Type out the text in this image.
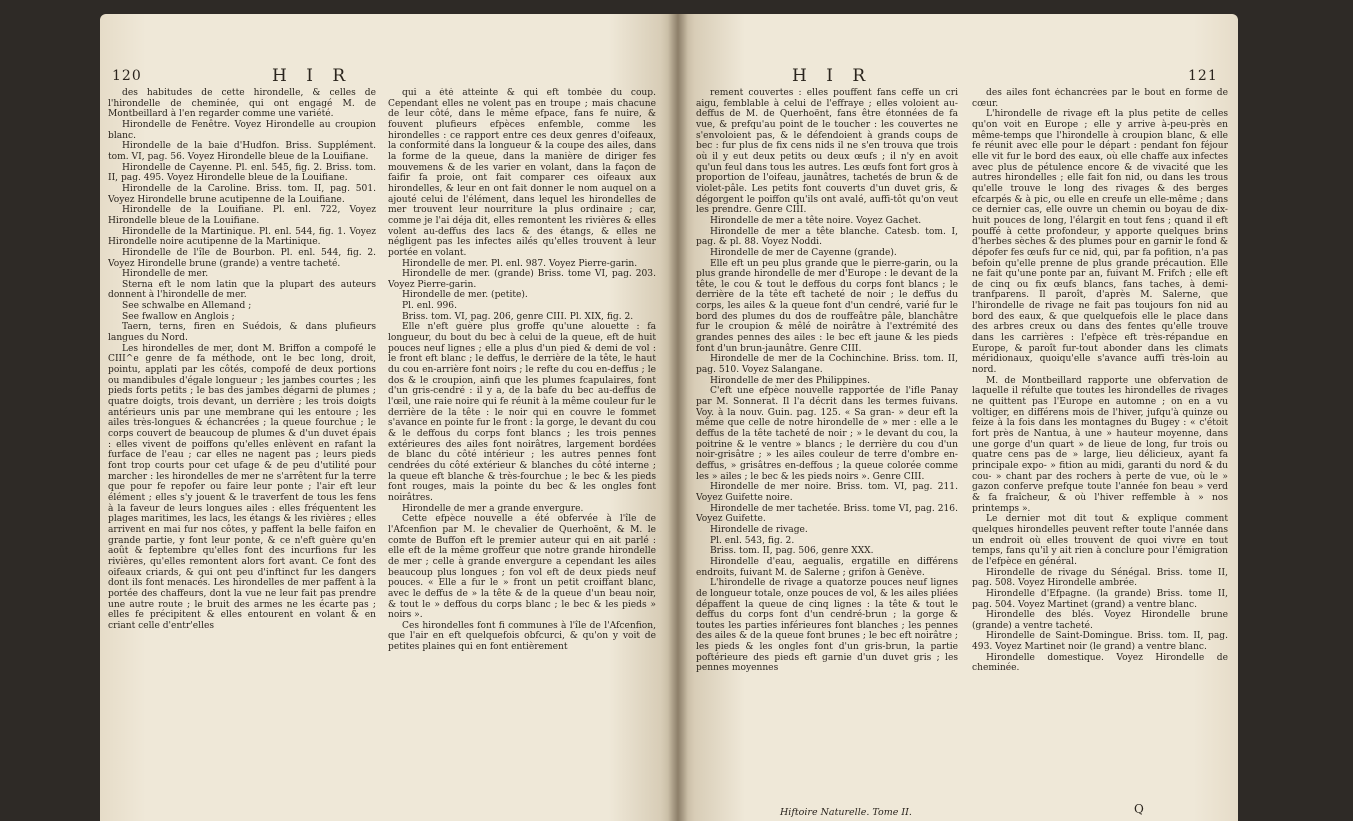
120	H I R

des habitudes de cette hirondelle, & celles de l'hirondelle de cheminée, qui ont engagé M. de Montbeillard à l'en regarder comme une variété.

Hirondelle de Fenêtre. Voyez Hirondelle au croupion blanc.

Hirondelle de la baie d'Hudfon. Briss. Supplément. tom. VI, pag. 56. Voyez Hirondelle bleue de la Louifiane.

Hirondelle de Cayenne. Pl. enl. 545, fig. 2. Briss. tom. II, pag. 495. Voyez Hirondelle bleue de la Louifiane.

Hirondelle de la Caroline. Briss. tom. II, pag. 501. Voyez Hirondelle brune acutipenne de la Louifiane.

Hirondelle de la Louifiane. Pl. enl. 722, Voyez Hirondelle bleue de la Louifiane.

Hirondelle de la Martinique. Pl. enl. 544, fig. 1. Voyez Hirondelle noire acutipenne de la Martinique.

Hirondelle de l'île de Bourbon. Pl. enl. 544, fig. 2. Voyez Hirondelle brune (grande) a ventre tacheté.

Hirondelle de mer.

Sterna eft le nom latin que la plupart des auteurs donnent à l'hirondelle de mer.

See schwalbe en Allemand ;

See fwallow en Anglois ;

Taern, terns, firen en Suédois, & dans plufieurs langues du Nord.

Les hirondelles de mer, dont M. Briffon a compofé le CIII^e genre de fa méthode, ont le bec long, droit, pointu, applati par les côtés, compofé de deux portions ou mandibules d'égale longueur ; les jambes courtes ; les pieds forts petits ; le bas des jambes dégarni de plumes ; quatre doigts, trois devant, un derrière ; les trois doigts antérieurs unis par une membrane qui les entoure ; les ailes très-longues & échancrées ; la queue fourchue ; le corps couvert de beaucoup de plumes & d'un duvet épais : elles vivent de poiffons qu'elles enlèvent en rafant la furface de l'eau ; car elles ne nagent pas ; leurs pieds font trop courts pour cet ufage & de peu d'utilité pour marcher : les hirondelles de mer ne s'arrêtent fur la terre que pour fe repofer ou faire leur ponte ; l'air eft leur élément ; elles s'y jouent & le traverfent de tous les fens à la faveur de leurs longues ailes : elles fréquentent les plages maritimes, les lacs, les étangs & les rivières ; elles arrivent en mai fur nos côtes, y paffent la belle faifon en grande partie, y font leur ponte, & ce n'eft guère qu'en août & feptembre qu'elles font des incurfions fur les rivières, qu'elles remontent alors fort avant. Ce font des oifeaux criards, & qui ont peu d'inftinct fur les dangers dont ils font menacés. Les hirondelles de mer paffent à la portée des chaffeurs, dont la vue ne leur fait pas prendre une autre route ; le bruit des armes ne les écarte pas ; elles fe précipitent & elles entourent en volant & en criant celle d'entr'elles

qui a été atteinte & qui eft tombée du coup. Cependant elles ne volent pas en troupe ; mais chacune de leur côté, dans le même efpace, fans fe nuire, & fouvent plufieurs efpèces enfemble, comme les hirondelles : ce rapport entre ces deux genres d'oifeaux, la conformité dans la longueur & la coupe des ailes, dans la forme de la queue, dans la manière de diriger fes mouvemens & de les varier en volant, dans la façon de faifir fa proie, ont fait comparer ces oifeaux aux hirondelles, & leur en ont fait donner le nom auquel on a ajouté celui de l'élément, dans lequel les hirondelles de mer trouvent leur nourriture la plus ordinaire ; car, comme je l'ai déja dit, elles remontent les rivières & elles volent au-deffus des lacs & des étangs, & elles ne négligent pas les infectes ailés qu'elles trouvent à leur portée en volant.

Hirondelle de mer. Pl. enl. 987. Voyez Pierre-garin.

Hirondelle de mer. (grande) Briss. tome VI, pag. 203. Voyez Pierre-garin.

Hirondelle de mer. (petite).

Pl. enl. 996.

Briss. tom. VI, pag. 206, genre CIII. Pl. XIX, fig. 2.

Elle n'eft guère plus groffe qu'une alouette : fa longueur, du bout du bec à celui de la queue, eft de huit pouces neuf lignes ; elle a plus d'un pied & demi de vol : le front eft blanc ; le deffus, le derrière de la tête, le haut du cou en-arrière font noirs ; le refte du cou en-deffus ; le dos & le croupion, ainfi que les plumes fcapulaires, font d'un gris-cendré : il y a, de la bafe du bec au-deffus de l'œil, une raie noire qui fe réunit à la même couleur fur le derrière de la tête : le noir qui en couvre le fommet s'avance en pointe fur le front : la gorge, le devant du cou & le deffous du corps font blancs ; les trois pennes extérieures des ailes font noirâtres, largement bordées de blanc du côté intérieur ; les autres pennes font cendrées du côté extérieur & blanches du côté interne ; la queue eft blanche & très-fourchue ; le bec & les pieds font rouges, mais la pointe du bec & les ongles font noirâtres.

Hirondelle de mer a grande envergure.

Cette efpèce nouvelle a été obfervée à l'île de l'Afcenfion par M. le chevalier de Querhoënt, & M. le comte de Buffon eft le premier auteur qui en ait parlé : elle eft de la même groffeur que notre grande hirondelle de mer ; celle à grande envergure a cependant les ailes beaucoup plus longues ; fon vol eft de deux pieds neuf pouces. « Elle a fur le » front un petit croiffant blanc, avec le deffus de » la tête & de la queue d'un beau noir, & tout le » deffous du corps blanc ; le bec & les pieds » noirs ».

Ces hirondelles font fi communes à l'île de l'Afcenfion, que l'air en eft quelquefois obfcurci, & qu'on y voit de petites plaines qui en font entièrement

H I R	121

rement couvertes : elles pouffent fans ceffe un cri aigu, femblable à celui de l'effraye ; elles voloient au-deffus de M. de Querhoënt, fans être étonnées de fa vue, & prefqu'au point de le toucher : les couvertes ne s'envoloient pas, & le défendoient à grands coups de bec : fur plus de fix cens nids il ne s'en trouva que trois où il y eut deux petits ou deux œufs ; il n'y en avoit qu'un feul dans tous les autres. Les œufs font fort gros à proportion de l'oifeau, jaunâtres, tachetés de brun & de violet-pâle. Les petits font couverts d'un duvet gris, & dégorgent le poiffon qu'ils ont avalé, auffi-tôt qu'on veut les prendre. Genre CIII.

Hirondelle de mer a tête noire. Voyez Gachet.

Hirondelle de mer a tête blanche. Catesb. tom. I, pag. & pl. 88. Voyez Noddi.

Hirondelle de mer de Cayenne (grande).

Elle eft un peu plus grande que le pierre-garin, ou la plus grande hirondelle de mer d'Europe : le devant de la tête, le cou & tout le deffous du corps font blancs ; le derrière de la tête eft tacheté de noir ; le deffus du corps, les ailes & la queue font d'un cendré, varié fur le bord des plumes du dos de rouffeâtre pâle, blanchâtre fur le croupion & mêlé de noirâtre à l'extrémité des grandes pennes des ailes : le bec eft jaune & les pieds font d'un brun-jaunâtre. Genre CIII.

Hirondelle de mer de la Cochinchine. Briss. tom. II, pag. 510. Voyez Salangane.

Hirondelle de mer des Philippines.

C'eft une efpèce nouvelle rapportée de l'ifle Panay par M. Sonnerat. Il l'a décrit dans les termes fuivans. Voy. à la nouv. Guin. pag. 125. « Sa gran- » deur eft la même que celle de notre hirondelle de » mer : elle a le deffus de la tête tacheté de noir ; » le devant du cou, la poitrine & le ventre » blancs ; le derrière du cou d'un noir-grisâtre ; » les ailes couleur de terre d'ombre en-deffus, » grisâtres en-deffous ; la queue colorée comme les » ailes ; le bec & les pieds noirs ». Genre CIII.

Hirondelle de mer noire. Briss. tom. VI, pag. 211. Voyez Guifette noire.

Hirondelle de mer tachetée. Briss. tome VI, pag. 216. Voyez Guifette.

Hirondelle de rivage.

Pl. enl. 543, fig. 2.

Briss. tom. II, pag. 506, genre XXX.

Hirondelle d'eau, aegualis, ergatille en différens endroits, fuivant M. de Salerne ; grifon à Genève.

L'hirondelle de rivage a quatorze pouces neuf lignes de longueur totale, onze pouces de vol, & les ailes pliées dépaffent la queue de cinq lignes : la tête & tout le deffus du corps font d'un cendré-brun ; la gorge & toutes les parties inférieures font blanches ; les pennes des ailes & de la queue font brunes ; le bec eft noirâtre ; les pieds & les ongles font d'un gris-brun, la partie poftérieure des pieds eft garnie d'un duvet gris ; les pennes moyennes

des ailes font échancrées par le bout en forme de cœur.

L'hirondelle de rivage eft la plus petite de celles qu'on voit en Europe ; elle y arrive à-peu-près en même-temps que l'hirondelle à croupion blanc, & elle fe réunit avec elle pour le départ : pendant fon féjour elle vit fur le bord des eaux, où elle chaffe aux infectes avec plus de pétulence encore & de vivacité que les autres hirondelles ; elle fait fon nid, ou dans les trous qu'elle trouve le long des rivages & des berges efcarpés & à pic, ou elle en creufe un elle-même ; dans ce dernier cas, elle ouvre un chemin ou boyau de dix-huit pouces de long, l'élargit en tout fens ; quand il eft pouffé à cette profondeur, y apporte quelques brins d'herbes sèches & des plumes pour en garnir le fond & dépofer fes œufs fur ce nid, qui, par fa pofition, n'a pas befoin qu'elle prenne de plus grande précaution. Elle ne fait qu'une ponte par an, fuivant M. Frifch ; elle eft de cinq ou fix œufs blancs, fans taches, à demi-tranfparens. Il paroît, d'après M. Salerne, que l'hirondelle de rivage ne fait pas toujours fon nid au bord des eaux, & que quelquefois elle le place dans des arbres creux ou dans des fentes qu'elle trouve dans les carrières : l'efpèce eft très-répandue en Europe, & paroît fur-tout abonder dans les climats méridionaux, quoiqu'elle s'avance auffi très-loin au nord.

M. de Montbeillard rapporte une obfervation de laquelle il réfulte que toutes les hirondelles de rivages ne quittent pas l'Europe en automne ; on en a vu voltiger, en différens mois de l'hiver, jufqu'à quinze ou feize à la fois dans les montagnes du Bugey : « c'étoit fort près de Nantua, à une » hauteur moyenne, dans une gorge d'un quart » de lieue de long, fur trois ou quatre cens pas de » large, lieu délicieux, ayant fa principale expo- » fition au midi, garanti du nord & du cou- » chant par des rochers à perte de vue, où le » gazon conferve prefque toute l'année fon beau » verd & fa fraîcheur, & où l'hiver reffemble à » nos printemps ».

Le dernier mot dit tout & explique comment quelques hirondelles peuvent refter toute l'année dans un endroit où elles trouvent de quoi vivre en tout temps, fans qu'il y ait rien à conclure pour l'émigration de l'efpèce en général.

Hirondelle de rivage du Sénégal. Briss. tome II, pag. 508. Voyez Hirondelle ambrée.

Hirondelle d'Efpagne. (la grande) Briss. tome II, pag. 504. Voyez Martinet (grand) a ventre blanc.

Hirondelle des blés. Voyez Hirondelle brune (grande) a ventre tacheté.

Hirondelle de Saint-Domingue. Briss. tom. II, pag. 493. Voyez Martinet noir (le grand) a ventre blanc.

Hirondelle domestique. Voyez Hirondelle de cheminée.

Hiftoire Naturelle. Tome II.	Q
